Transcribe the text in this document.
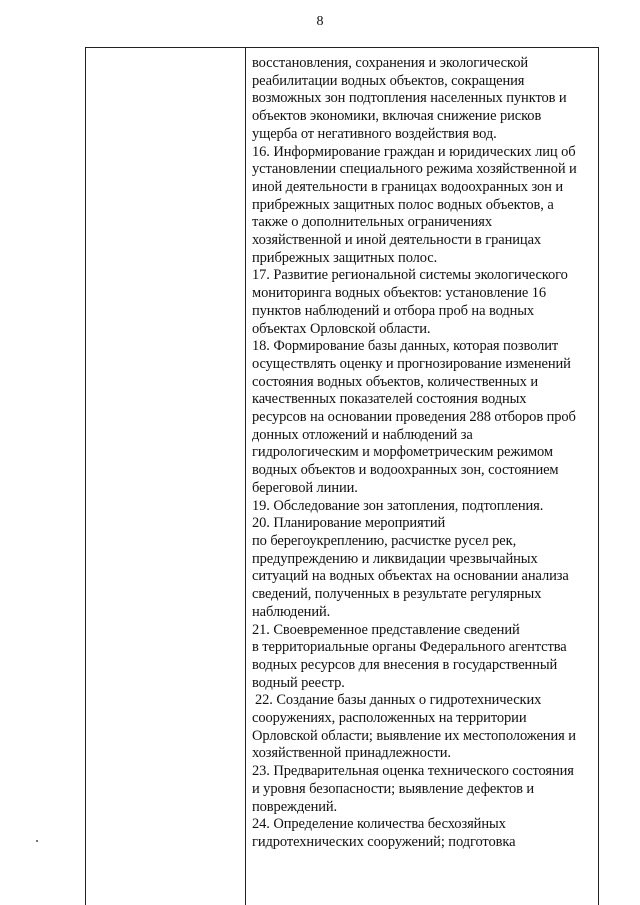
8
восстановления, сохранения и экологической
реабилитации водных объектов, сокращения
возможных зон подтопления населенных пунктов и
объектов экономики, включая снижение рисков
ущерба от негативного воздействия вод.
16. Информирование граждан и юридических лиц об
установлении специального режима хозяйственной и
иной деятельности в границах водоохранных зон и
прибрежных защитных полос водных объектов, а
также о дополнительных ограничениях
хозяйственной и иной деятельности в границах
прибрежных защитных полос.
17. Развитие региональной системы экологического
мониторинга водных объектов: установление 16
пунктов наблюдений и отбора проб на водных
объектах Орловской области.
18. Формирование базы данных, которая позволит
осуществлять оценку и прогнозирование изменений
состояния водных объектов, количественных и
качественных показателей состояния водных
ресурсов на основании проведения 288 отборов проб
донных отложений и наблюдений за
гидрологическим и морфометрическим режимом
водных объектов и водоохранных зон, состоянием
береговой линии.
19. Обследование зон затопления, подтопления.
20. Планирование мероприятий
по берегоукреплению, расчистке русел рек,
предупреждению и ликвидации чрезвычайных
ситуаций на водных объектах на основании анализа
сведений, полученных в результате регулярных
наблюдений.
21. Своевременное представление сведений
в территориальные органы Федерального агентства
водных ресурсов для внесения в государственный
водный реестр.
22. Создание базы данных о гидротехнических
сооружениях, расположенных на территории
Орловской области; выявление их местоположения и
хозяйственной принадлежности.
23. Предварительная оценка технического состояния
и уровня безопасности; выявление дефектов и
повреждений.
24. Определение количества бесхозяйных
гидротехнических сооружений; подготовка
